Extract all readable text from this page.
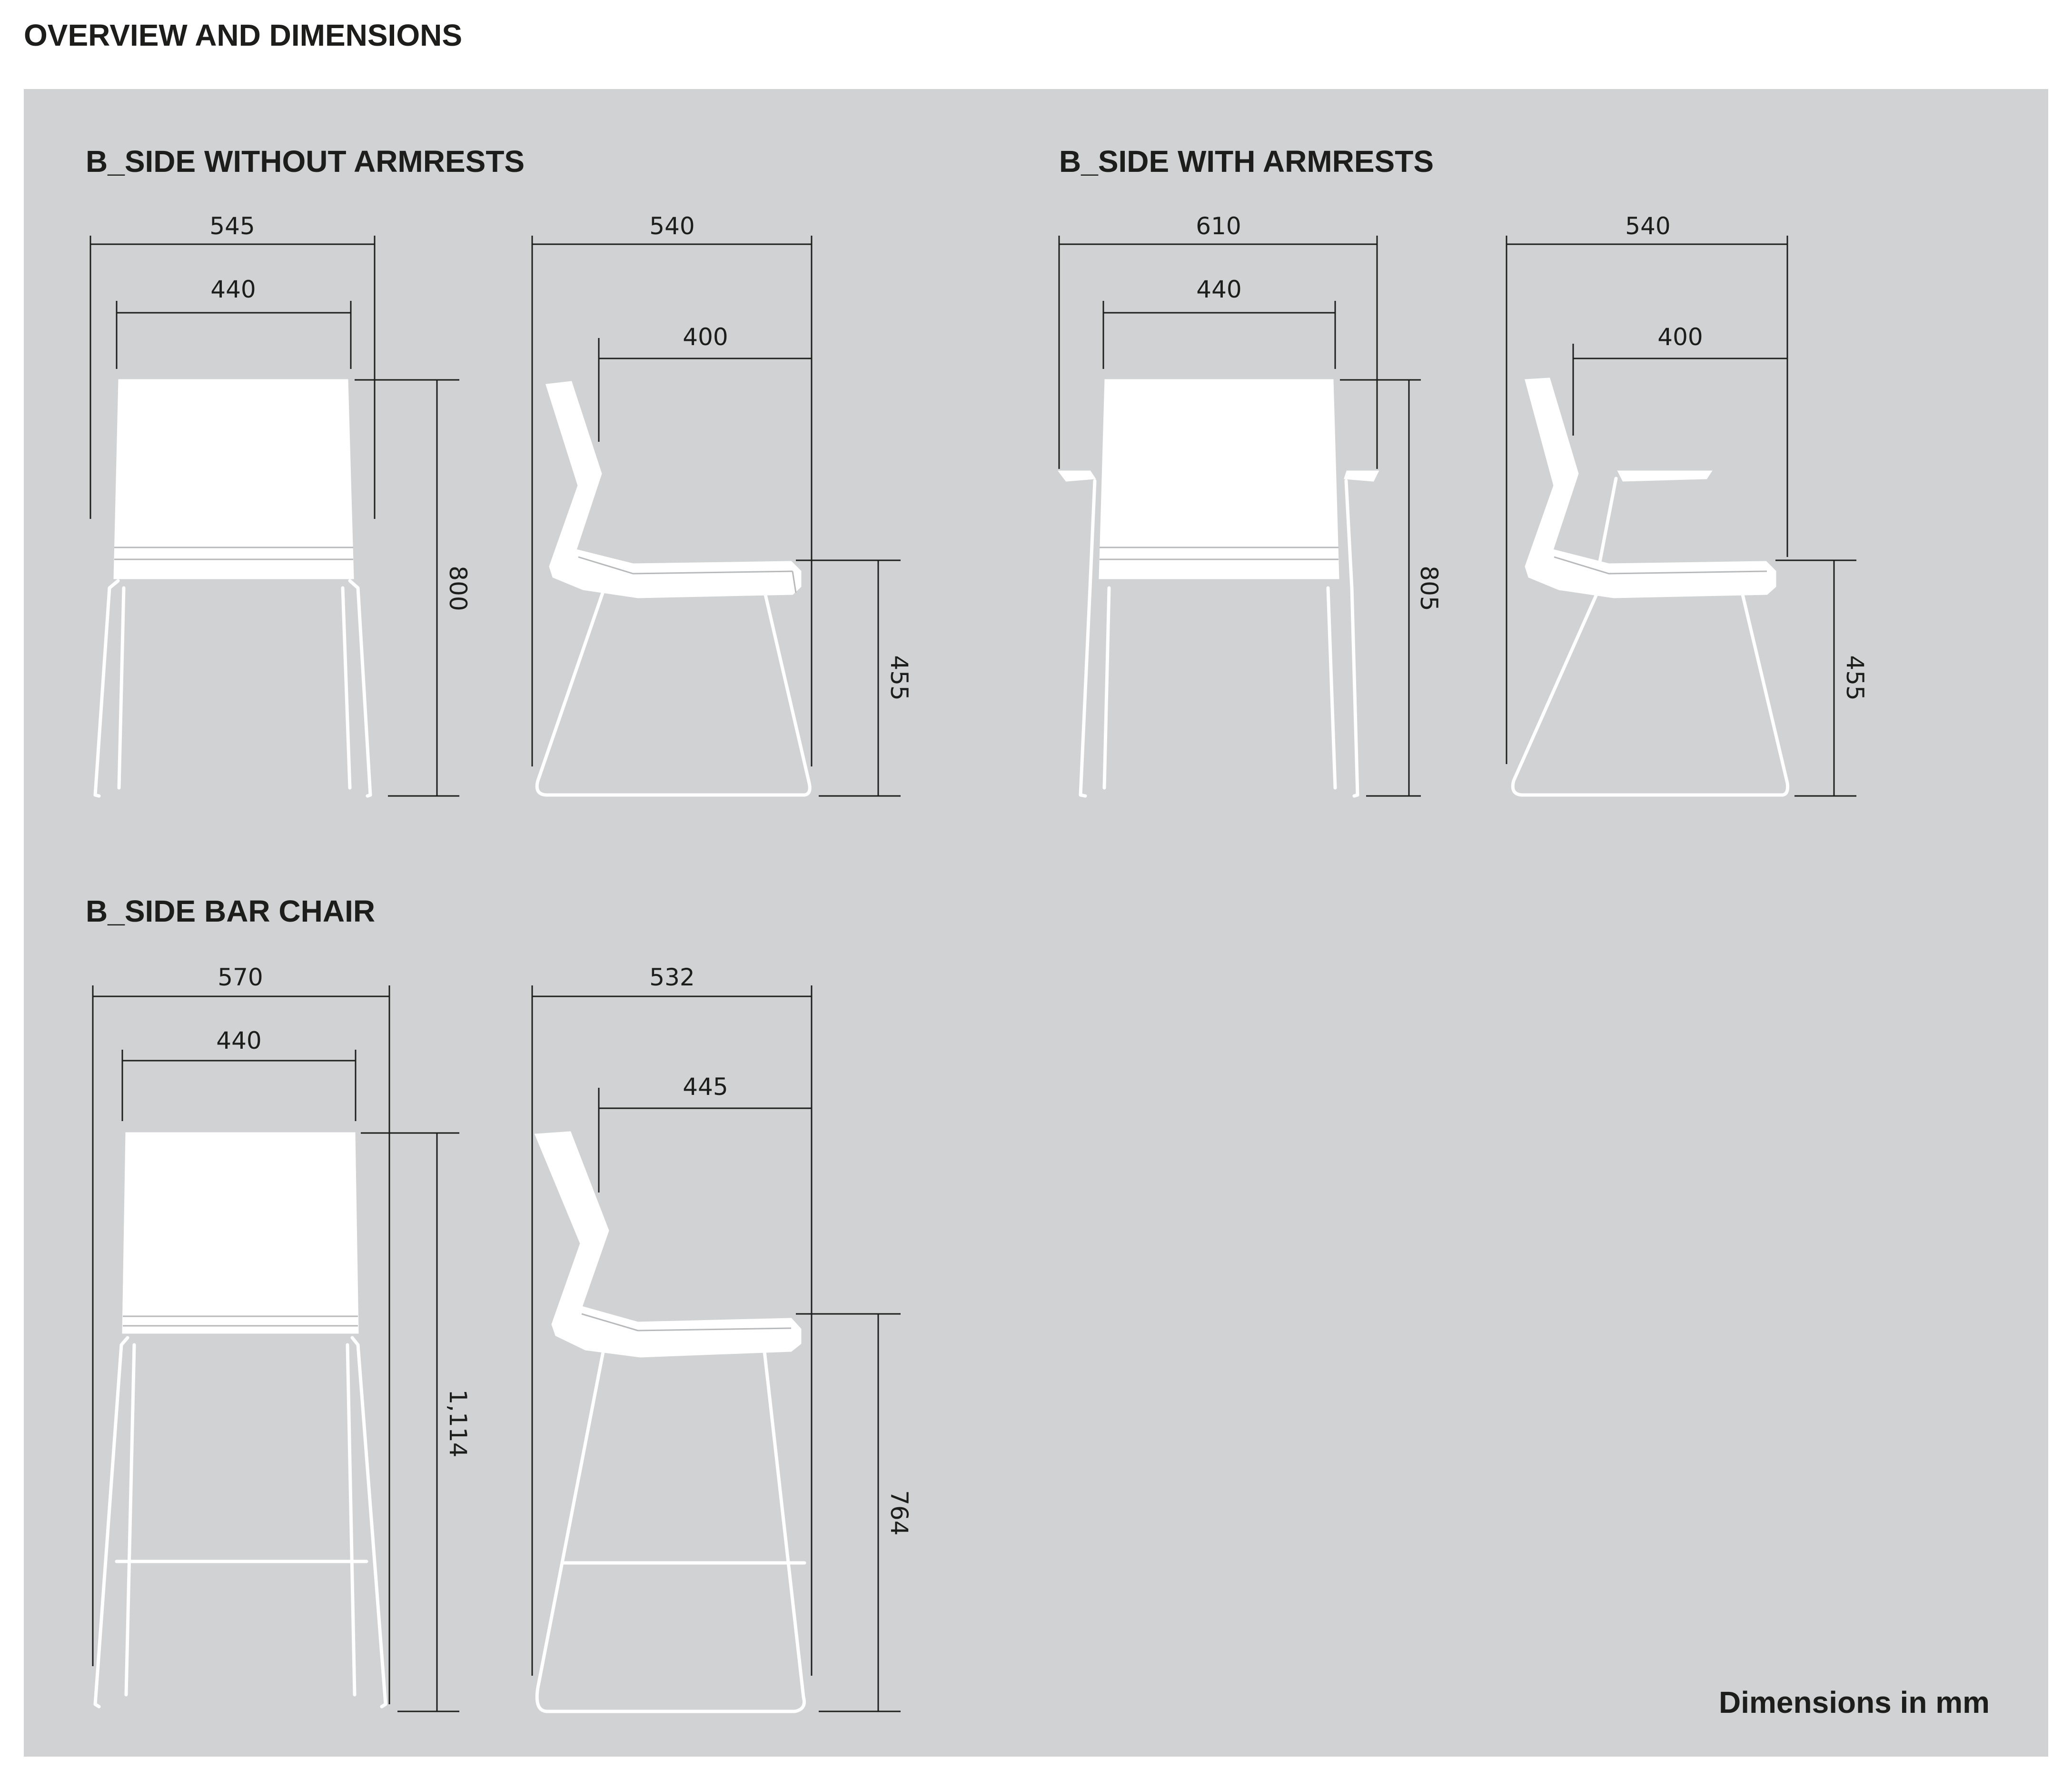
OVERVIEW AND DIMENSIONS
B_SIDE WITHOUT ARMRESTS
545
440
800
540
400
455
B_SIDE WITH ARMRESTS
610
440
805
540
400
455
B_SIDE BAR CHAIR
570
440
1,114
532
445
764
Dimensions in mm
